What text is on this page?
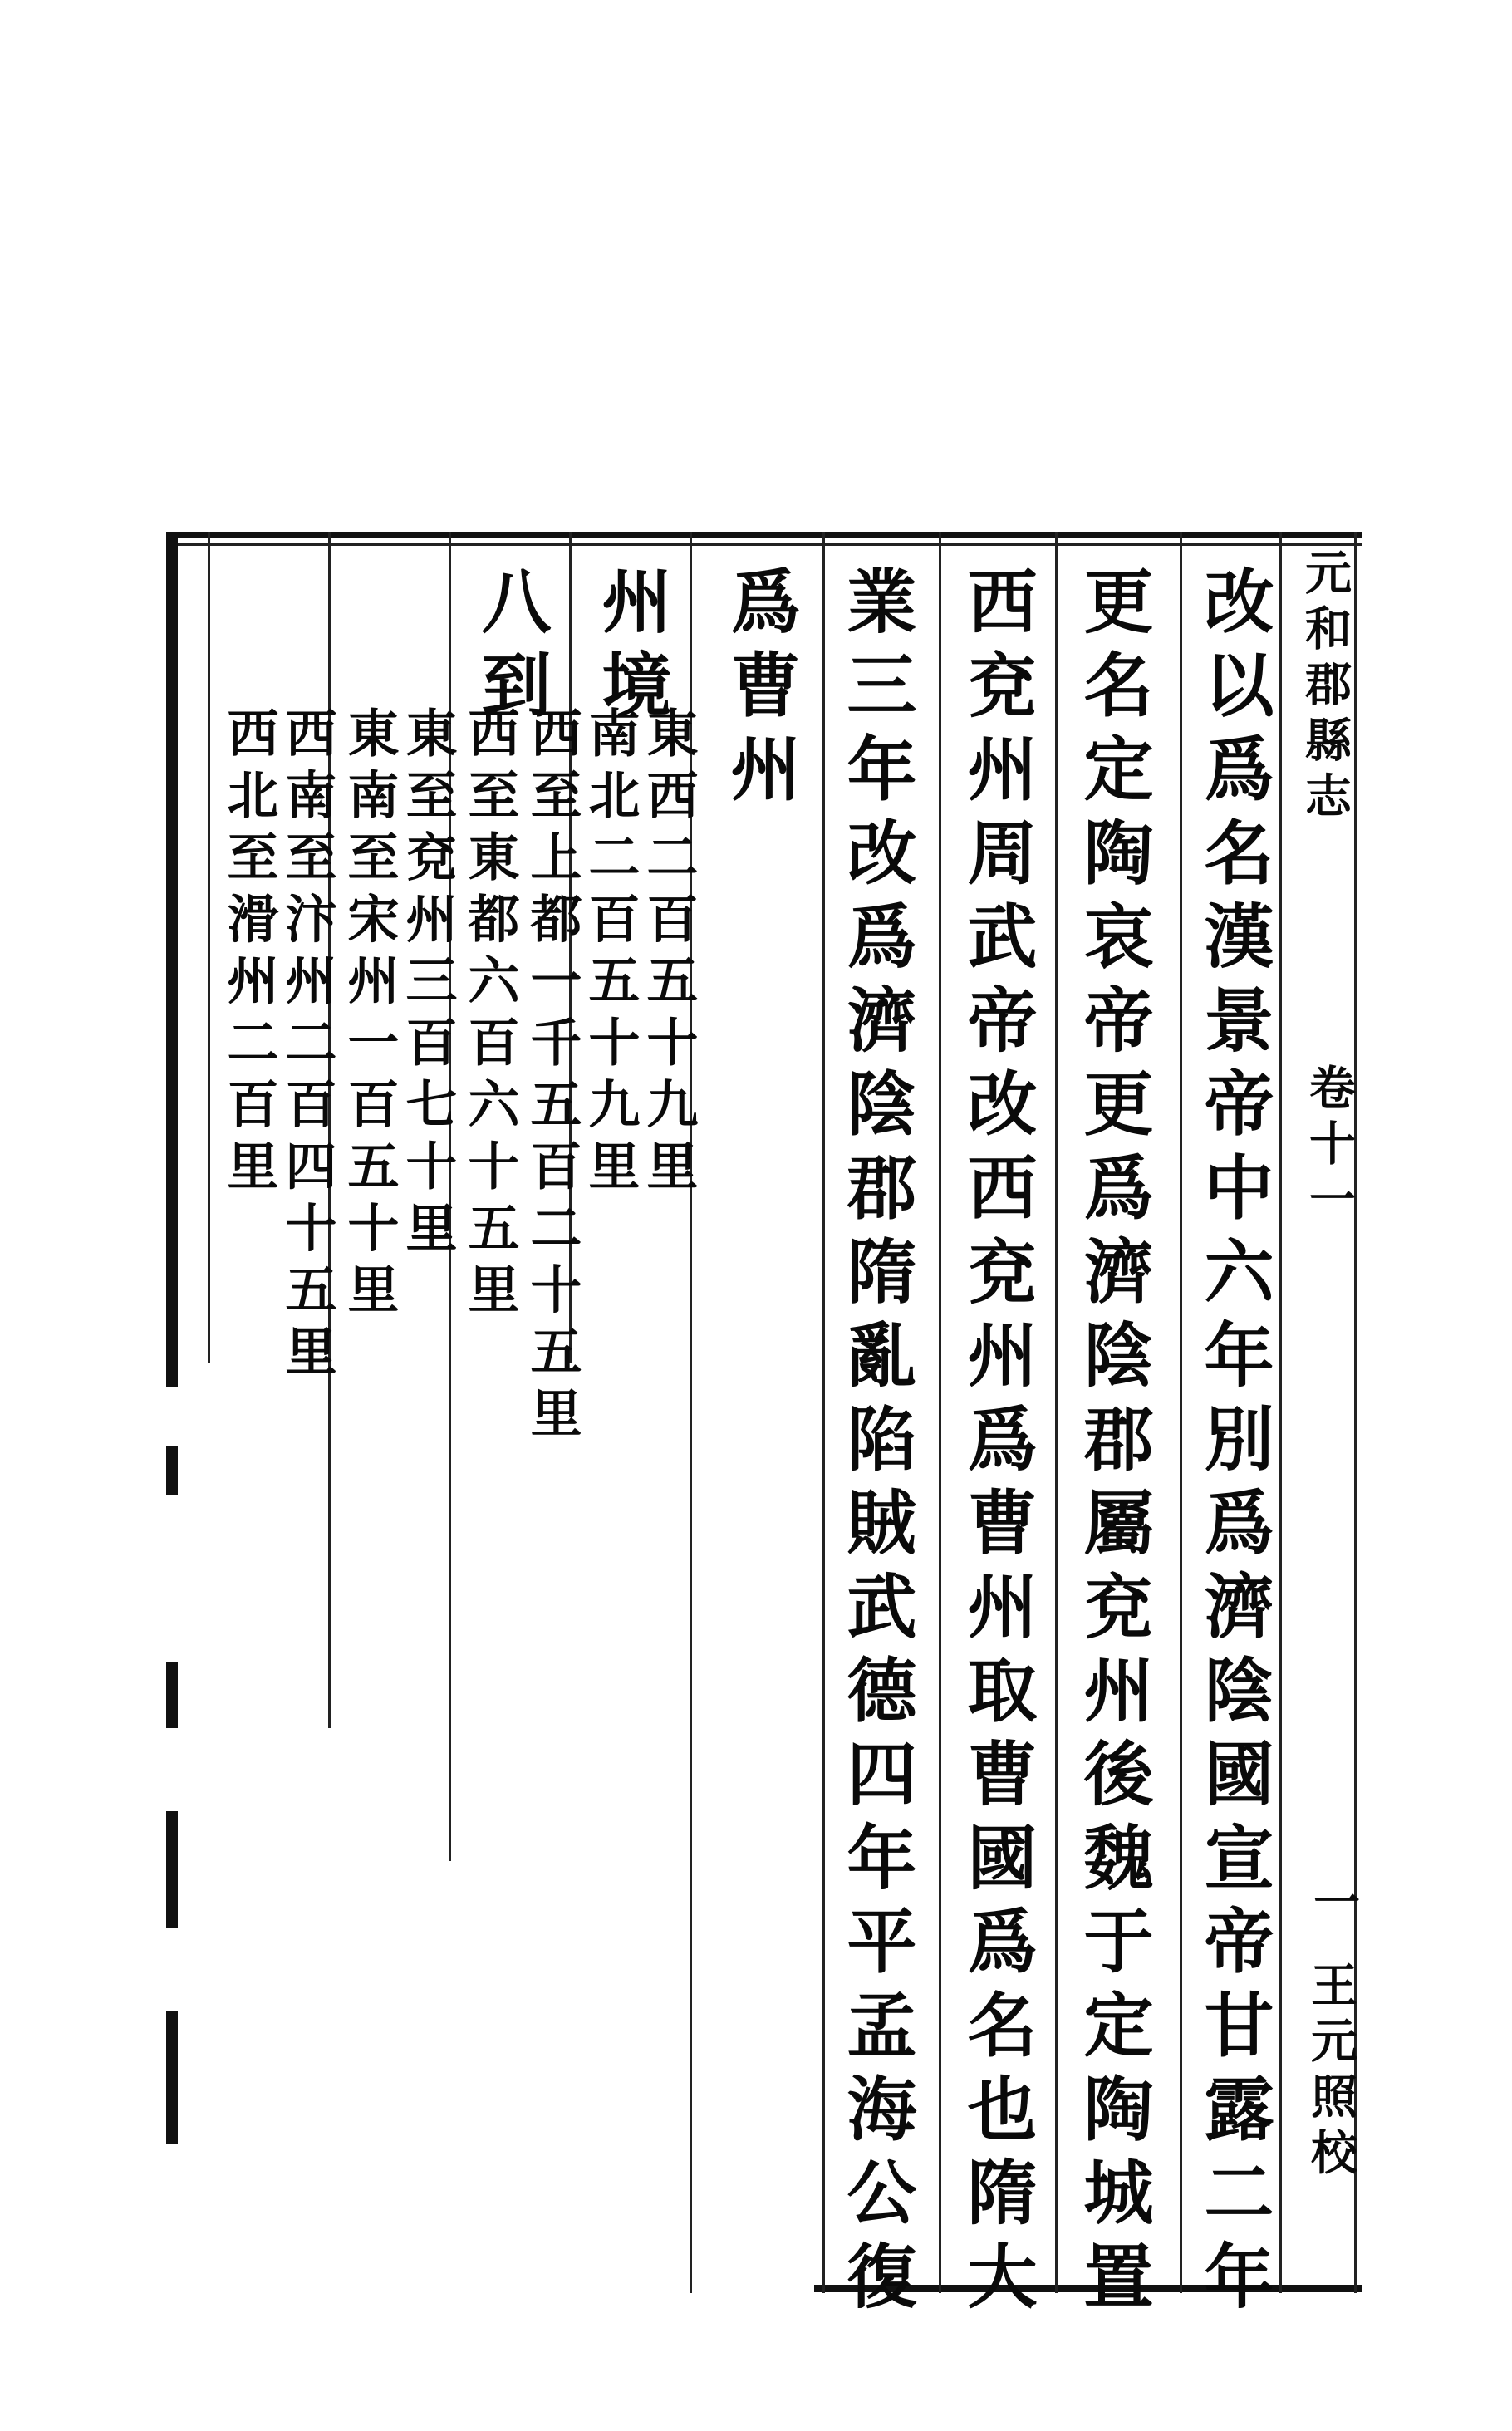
元和郡縣志
卷十一
一
王元照校
改以爲名漢景帝中六年別爲濟陰國宣帝甘露二年
更名定陶哀帝更爲濟陰郡屬兗州後魏于定陶城置
西兗州周武帝改西兗州爲曹州取曹國爲名也隋大
業三年改爲濟陰郡隋亂陷賊武德四年平孟海公復
爲曹州
州境
東西二百五十九里
南北二百五十九里
八到
西至上都一千五百二十五里
西至東都六百六十五里
東至兗州三百七十里
東南至宋州一百五十里
西南至汴州二百四十五里
西北至滑州二百里
